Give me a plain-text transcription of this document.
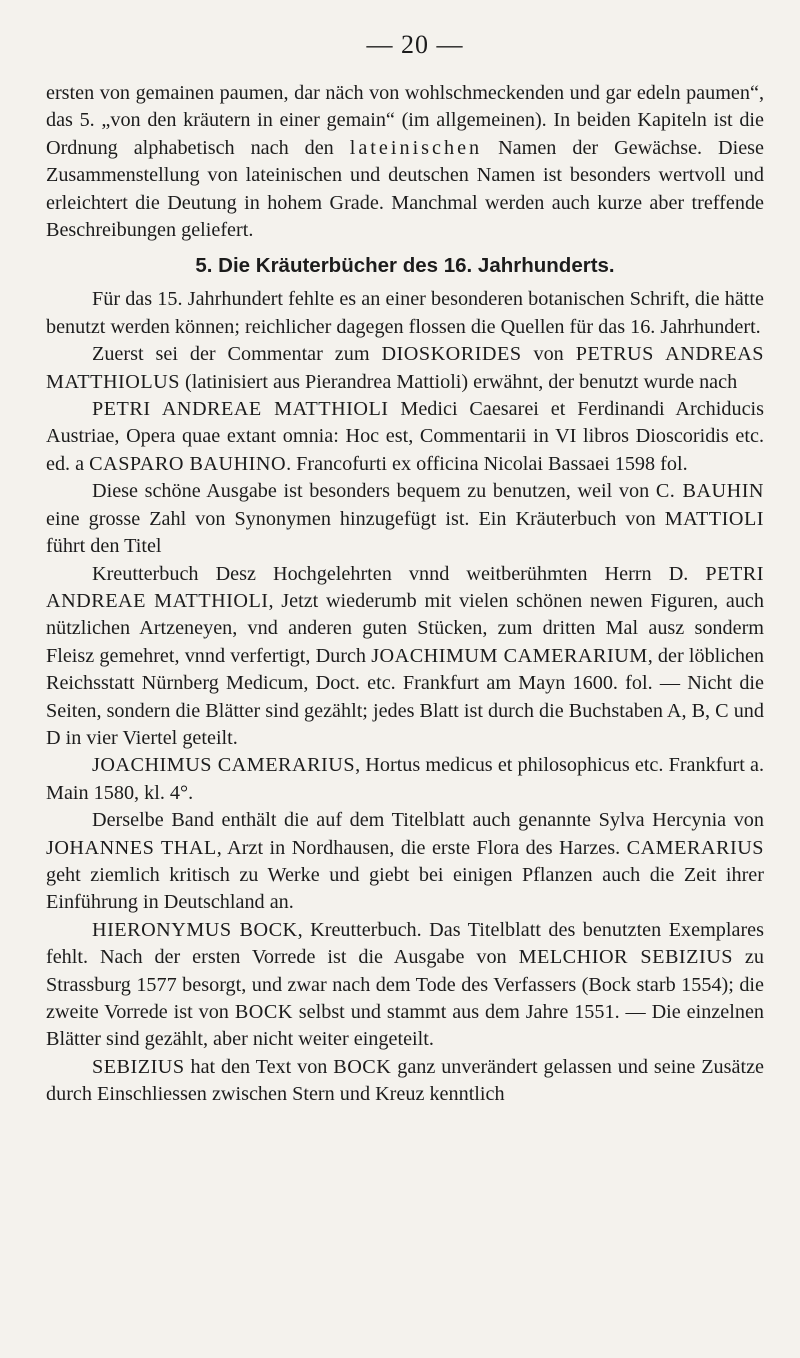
— 20 —

ersten von gemainen paumen, dar näch von wohlschmeckenden und gar edeln paumen“, das 5. „von den kräutern in einer gemain“ (im allgemeinen). In beiden Kapiteln ist die Ordnung alphabetisch nach den lateinischen Namen der Gewächse. Diese Zusammenstellung von lateinischen und deutschen Namen ist besonders wertvoll und erleichtert die Deutung in hohem Grade. Manchmal werden auch kurze aber treffende Beschreibungen geliefert.

5. Die Kräuterbücher des 16. Jahrhunderts.

Für das 15. Jahrhundert fehlte es an einer besonderen botanischen Schrift, die hätte benutzt werden können; reichlicher dagegen flossen die Quellen für das 16. Jahrhundert.

Zuerst sei der Commentar zum DIOSKORIDES von PETRUS ANDREAS MATTHIOLUS (latinisiert aus Pierandrea Mattioli) erwähnt, der benutzt wurde nach

PETRI ANDREAE MATTHIOLI Medici Caesarei et Ferdinandi Archiducis Austriae, Opera quae extant omnia: Hoc est, Commentarii in VI libros Dioscoridis etc. ed. a CASPARO BAUHINO. Francofurti ex officina Nicolai Bassaei 1598 fol.

Diese schöne Ausgabe ist besonders bequem zu benutzen, weil von C. BAUHIN eine grosse Zahl von Synonymen hinzugefügt ist. Ein Kräuterbuch von MATTIOLI führt den Titel

Kreutterbuch Desz Hochgelehrten vnnd weitberühmten Herrn D. PETRI ANDREAE MATTHIOLI, Jetzt wiederumb mit vielen schönen newen Figuren, auch nützlichen Artzeneyen, vnd anderen guten Stücken, zum dritten Mal ausz sonderm Fleisz gemehret, vnnd verfertigt, Durch JOACHIMUM CAMERARIUM, der löblichen Reichsstatt Nürnberg Medicum, Doct. etc. Frankfurt am Mayn 1600. fol. — Nicht die Seiten, sondern die Blätter sind gezählt; jedes Blatt ist durch die Buchstaben A, B, C und D in vier Viertel geteilt.

JOACHIMUS CAMERARIUS, Hortus medicus et philosophicus etc. Frankfurt a. Main 1580, kl. 4°.

Derselbe Band enthält die auf dem Titelblatt auch genannte Sylva Hercynia von JOHANNES THAL, Arzt in Nordhausen, die erste Flora des Harzes. CAMERARIUS geht ziemlich kritisch zu Werke und giebt bei einigen Pflanzen auch die Zeit ihrer Einführung in Deutschland an.

HIERONYMUS BOCK, Kreutterbuch. Das Titelblatt des benutzten Exemplares fehlt. Nach der ersten Vorrede ist die Ausgabe von MELCHIOR SEBIZIUS zu Strassburg 1577 besorgt, und zwar nach dem Tode des Verfassers (Bock starb 1554); die zweite Vorrede ist von BOCK selbst und stammt aus dem Jahre 1551. — Die einzelnen Blätter sind gezählt, aber nicht weiter eingeteilt.

SEBIZIUS hat den Text von BOCK ganz unverändert gelassen und seine Zusätze durch Einschliessen zwischen Stern und Kreuz kenntlich
